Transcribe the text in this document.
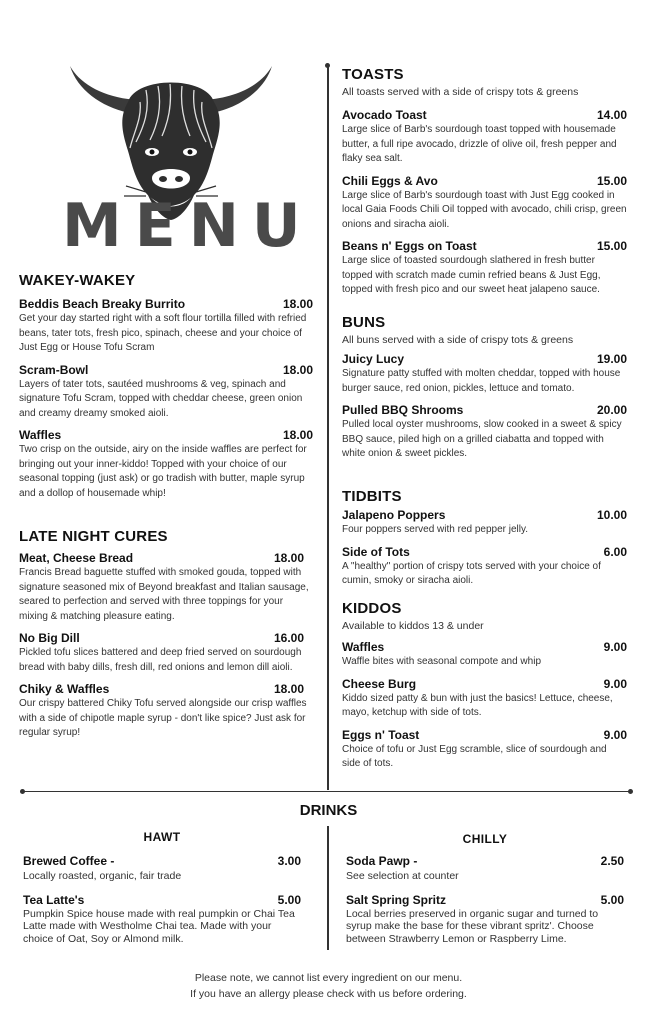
MENU
WAKEY-WAKEY
Beddis Beach Breaky Burrito	18.00
Get your day started right with a soft flour tortilla filled with refried beans, tater tots, fresh pico, spinach, cheese and your choice of Just Egg or House Tofu Scram
Scram-Bowl	18.00
Layers of tater tots, sautéed mushrooms & veg, spinach and signature Tofu Scram, topped with cheddar cheese, green onion and creamy dreamy smoked aioli.
Waffles	18.00
Two crisp on the outside, airy on the inside waffles are perfect for bringing out your inner-kiddo! Topped with your choice of our seasonal topping (just ask) or go tradish with butter, maple syrup and a dollop of housemade whip!
LATE NIGHT CURES
Meat, Cheese Bread	18.00
Francis Bread baguette stuffed with smoked gouda, topped with signature seasoned mix of Beyond breakfast and Italian sausage, seared to perfection and served with three toppings for your mixing & matching pleasure eating.
No Big Dill	16.00
Pickled tofu slices battered and deep fried served on sourdough bread with baby dills, fresh dill, red onions and lemon dill aioli.
Chiky & Waffles	18.00
Our crispy battered Chiky Tofu served alongside our crisp waffles with a side of chipotle maple syrup - don't like spice? Just ask for regular syrup!
TOASTS
All toasts served with a side of crispy tots & greens
Avocado Toast	14.00
Large slice of Barb's sourdough toast topped with housemade butter, a full ripe avocado, drizzle of olive oil, fresh pepper and flaky sea salt.
Chili Eggs & Avo	15.00
Large slice of Barb's sourdough toast with Just Egg cooked in local Gaia Foods Chili Oil topped with avocado, chili crisp, green onions and siracha aioli.
Beans n' Eggs on Toast	15.00
Large slice of toasted sourdough slathered in fresh butter topped with scratch made cumin refried beans & Just Egg, topped with fresh pico and our sweet heat jalapeno sauce.
BUNS
All buns served with a side of crispy tots & greens
Juicy Lucy	19.00
Signature patty stuffed with molten cheddar, topped with house burger sauce, red onion, pickles, lettuce and tomato.
Pulled BBQ Shrooms	20.00
Pulled local oyster mushrooms, slow cooked in a sweet & spicy BBQ sauce, piled high on a grilled ciabatta and topped with white onion & sweet pickles.
TIDBITS
Jalapeno Poppers	10.00
Four poppers served with red pepper jelly.
Side of Tots	6.00
A "healthy" portion of crispy tots served with your choice of cumin, smoky or siracha aioli.
KIDDOS
Available to kiddos 13 & under
Waffles	9.00
Waffle bites with seasonal compote and whip
Cheese Burg	9.00
Kiddo sized patty & bun with just the basics! Lettuce, cheese, mayo, ketchup with side of tots.
Eggs n' Toast	9.00
Choice of tofu or Just Egg scramble, slice of sourdough and side of tots.
DRINKS
HAWT
Brewed Coffee -	3.00
Locally roasted, organic, fair trade
Tea Latte's	5.00
Pumpkin Spice house made with real pumpkin or Chai Tea Latte made with Westholme Chai tea. Made with your choice of Oat, Soy or Almond milk.
CHILLY
Soda Pawp -	2.50
See selection at counter
Salt Spring Spritz	5.00
Local berries preserved in organic sugar and turned to syrup make the base for these vibrant spritz'. Choose between Strawberry Lemon or Raspberry Lime.
Please note, we cannot list every ingredient on our menu.
If you have an allergy please check with us before ordering.
